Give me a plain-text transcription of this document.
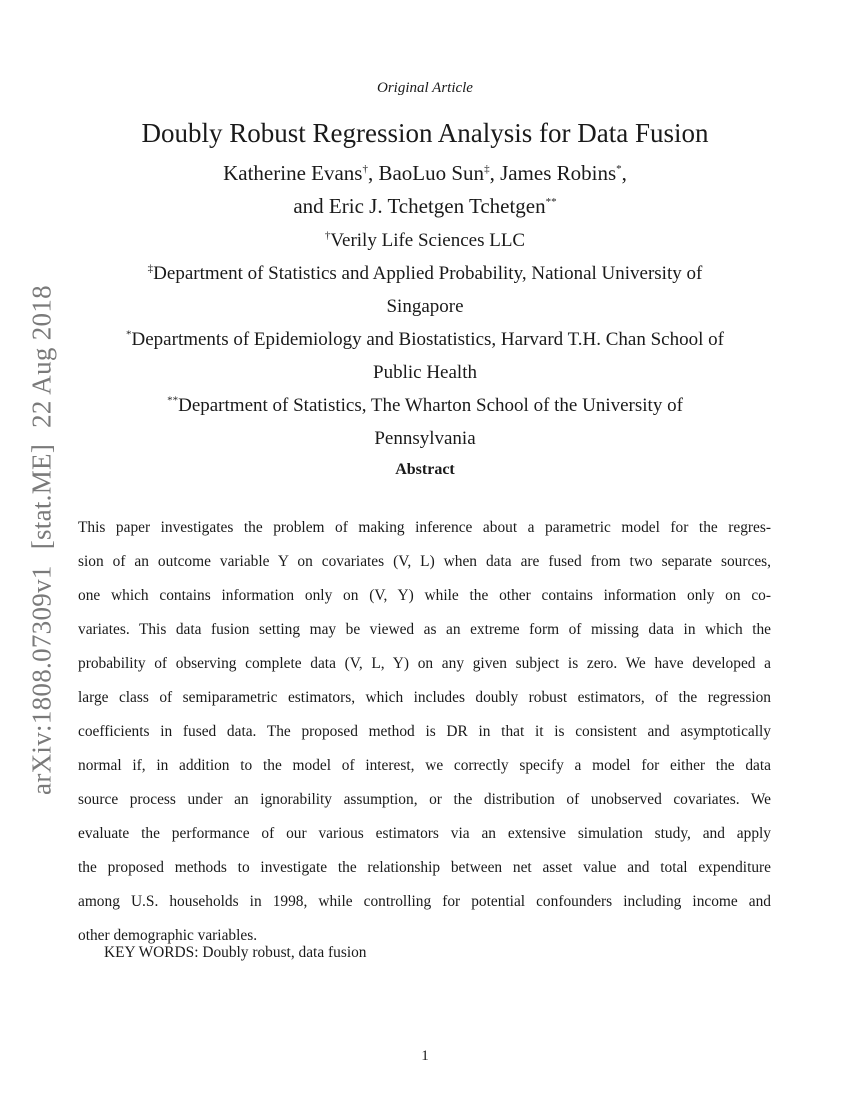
arXiv:1808.07309v1[stat.ME]22 Aug 2018
Original Article
Doubly Robust Regression Analysis for Data Fusion
Katherine Evans†, BaoLuo Sun‡, James Robins*,
and Eric J. Tchetgen Tchetgen**
†Verily Life Sciences LLC
‡Department of Statistics and Applied Probability, National University of
Singapore
*Departments of Epidemiology and Biostatistics, Harvard T.H. Chan School of
Public Health
**Department of Statistics, The Wharton School of the University of
Pennsylvania
Abstract
This paper investigates the problem of making inference about a parametric model for the regres-
sion of an outcome variable Y on covariates (V, L) when data are fused from two separate sources,
one which contains information only on (V, Y) while the other contains information only on co-
variates. This data fusion setting may be viewed as an extreme form of missing data in which the
probability of observing complete data (V, L, Y) on any given subject is zero. We have developed a
large class of semiparametric estimators, which includes doubly robust estimators, of the regression
coefficients in fused data. The proposed method is DR in that it is consistent and asymptotically
normal if, in addition to the model of interest, we correctly specify a model for either the data
source process under an ignorability assumption, or the distribution of unobserved covariates. We
evaluate the performance of our various estimators via an extensive simulation study, and apply
the proposed methods to investigate the relationship between net asset value and total expenditure
among U.S. households in 1998, while controlling for potential confounders including income and
other demographic variables.
KEY WORDS: Doubly robust, data fusion
1
